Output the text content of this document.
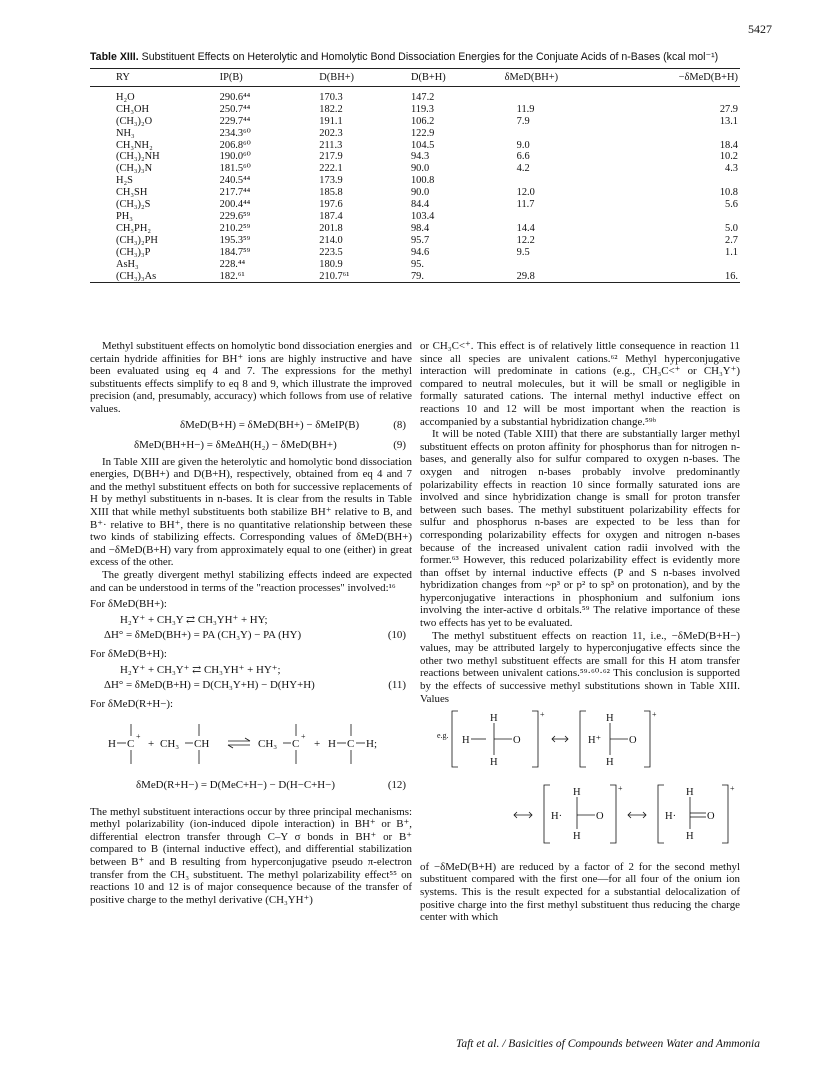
5427
Table XIII. Substituent Effects on Heterolytic and Homolytic Bond Dissociation Energies for the Conjuate Acids of n-Bases (kcal mol⁻¹)
RY	IP(B)	D(BH+)	D(B+H)	δMeD(BH+)	−δMeD(B+H)
H₂O	290.6⁴⁴	170.3	147.2		
CH₃OH	250.7⁴⁴	182.2	119.3	11.9	27.9
(CH₃)₂O	229.7⁴⁴	191.1	106.2	7.9	13.1
NH₃	234.3⁶⁰	202.3	122.9		
CH₃NH₂	206.8⁶⁰	211.3	104.5	9.0	18.4
(CH₃)₂NH	190.0⁶⁰	217.9	94.3	6.6	10.2
(CH₃)₃N	181.5⁶⁰	222.1	90.0	4.2	4.3
H₂S	240.5⁴⁴	173.9	100.8		
CH₃SH	217.7⁴⁴	185.8	90.0	12.0	10.8
(CH₃)₂S	200.4⁴⁴	197.6	84.4	11.7	5.6
PH₃	229.6⁵⁹	187.4	103.4		
CH₃PH₂	210.2⁵⁹	201.8	98.4	14.4	5.0
(CH₃)₂PH	195.3⁵⁹	214.0	95.7	12.2	2.7
(CH₃)₃P	184.7⁵⁹	223.5	94.6	9.5	1.1
AsH₃	228.⁴⁴	180.9	95.		
(CH₃)₃As	182.⁶¹	210.7⁶¹	79.	29.8	16.

Methyl substituent effects on homolytic bond dissociation energies and certain hydride affinities for BH⁺ ions are highly instructive and have been evaluated using eq 4 and 7. The expressions for the methyl substituents effects simplify to eq 8 and 9, which illustrate the improved precision (and, presumably, accuracy) which follows from use of relative values.

δMeD(B+H) = δMeD(BH+) − δMeIP(B)	(8)
δMeD(BH+H−) = δMeΔH(H₂) − δMeD(BH+)	(9)

In Table XIII are given the heterolytic and homolytic bond dissociation energies, D(BH+) and D(B+H), respectively, obtained from eq 4 and 7 and the methyl substituent effects on both for successive replacements of H by methyl substituents in n-bases. It is clear from the results in Table XIII that while methyl substituents both stabilize BH⁺ relative to B, and B⁺· relative to BH⁺, there is no quantitative relationship between these two kinds of stabilizing effects. Corresponding values of δMeD(BH+) and −δMeD(B+H) vary from approximately equal to one (either) in great excess of the other.

The greatly divergent methyl stabilizing effects indeed are expected and can be understood in terms of the "reaction processes" involved:¹⁶

For δMeD(BH+):
H₂Y⁺ + CH₃Y ⇄ CH₃YH⁺ + HY;
ΔH° = δMeD(BH+) = PA (CH₃Y) − PA (HY)	(10)
For δMeD(B+H):
H₂Y⁺ + CH₃Y⁺ ⇄ CH₃YH⁺ + HY⁺;
ΔH° = δMeD(B+H) = D(CH₃Y+H) − D(HY+H)	(11)
For δMeD(R+H−):
H C
+
+ CH₃ CH	CH₃ C
+
+ H C H;
δMeD(R+H−) = D(MeC+H−) − D(H−C+H−)	(12)

The methyl substituent interactions occur by three principal mechanisms: methyl polarizability (ion-induced dipole interaction) in BH⁺ or B⁺, differential electron transfer through C–Y σ bonds in BH⁺ or B⁺ compared to B (internal inductive effect), and differential stabilization between B⁺ and B resulting from hyperconjugative pseudo π-electron transfer from the CH₃ substituent. The methyl polarizability effect⁵⁵ on reactions 10 and 12 is of major consequence because of the transfer of positive charge to the methyl derivative (CH₃YH⁺)

or CH₃C<⁺. This effect is of relatively little consequence in reaction 11 since all species are univalent cations.⁶² Methyl hyperconjugative interaction will predominate in cations (e.g., CH₃C<⁺ or CH₃Y⁺) compared to neutral molecules, but it will be small or negligible in formally saturated cations. The internal methyl inductive effect on reactions 10 and 12 will be most important when the reaction is accompanied by a substantial hybridization change.⁵⁹ᵇ

It will be noted (Table XIII) that there are substantially larger methyl substituent effects on proton affinity for phosphorus than for nitrogen n-bases, and generally also for sulfur compared to oxygen n-bases. The oxygen and nitrogen n-bases probably involve predominantly polarizability effects in reaction 10 since formally saturated ions are involved and since hybridization change is small for proton transfer between such bases. The methyl substituent polarizability effects for sulfur and phosphorus n-bases are expected to be less than for corresponding polarizability effects for oxygen and nitrogen n-bases because of the increased univalent cation radii involved with the former.⁶³ However, this reduced polarizability effect is evidently more than offset by internal inductive effects (P and S n-bases involved hybridization changes from ~p³ or p² to sp³ on protonation), and by the hyperconjugative interactions in phosphonium and sulfonium ions involving the inter-active d orbitals.⁵⁹ The relative importance of these two effects has yet to be evaluated.

The methyl substituent effects on reaction 11, i.e., −δMeD(B+H−) values, may be attributed largely to hyperconjugative effects since the other two methyl substituent effects are small for this H atom transfer reactions between univalent cations.⁵⁹·⁶⁰·⁶² This conclusion is supported by the effects of successive methyl substitutions shown in Table XIII. Values

+
e.g.
H
H
H	O
+
H
H
H⁺	O
+
H
H
H·	O
+
H
H
H·	O

of −δMeD(B+H) are reduced by a factor of 2 for the second methyl substituent compared with the first one—for all four of the onium ion systems. This is the result expected for a substantial delocalization of positive charge into the first methyl substituent thus reducing the charge center with which

Taft et al. / Basicities of Compounds between Water and Ammonia
